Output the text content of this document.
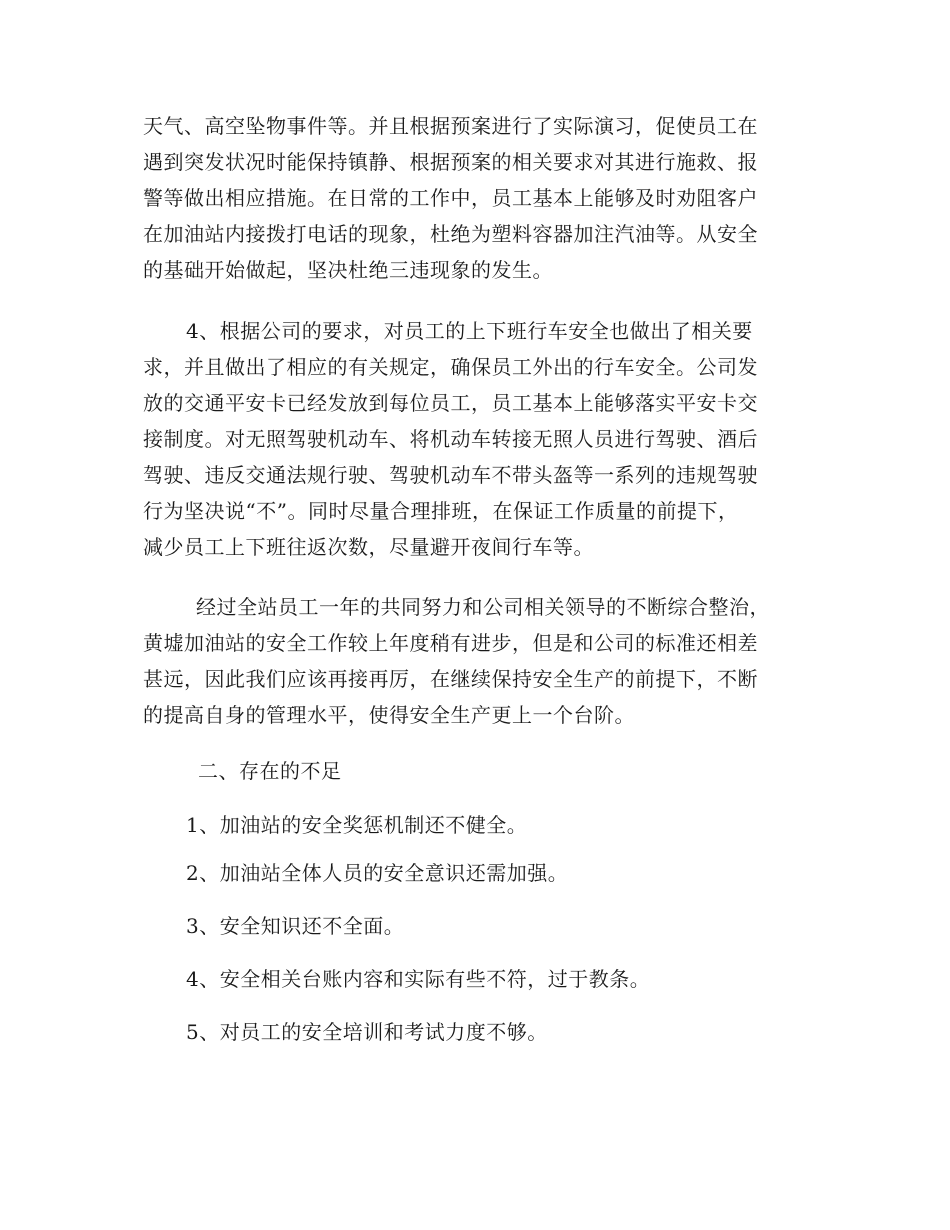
天气、高空坠物事件等。并且根据预案进行了实际演习，促使员工在
遇到突发状况时能保持镇静、根据预案的相关要求对其进行施救、报
警等做出相应措施。在日常的工作中，员工基本上能够及时劝阻客户
在加油站内接拨打电话的现象，杜绝为塑料容器加注汽油等。从安全
的基础开始做起，坚决杜绝三违现象的发生。
4、根据公司的要求，对员工的上下班行车安全也做出了相关要
求，并且做出了相应的有关规定，确保员工外出的行车安全。公司发
放的交通平安卡已经发放到每位员工，员工基本上能够落实平安卡交
接制度。对无照驾驶机动车、将机动车转接无照人员进行驾驶、酒后
驾驶、违反交通法规行驶、驾驶机动车不带头盔等一系列的违规驾驶
行为坚决说“不”。同时尽量合理排班，在保证工作质量的前提下，
减少员工上下班往返次数，尽量避开夜间行车等。
经过全站员工一年的共同努力和公司相关领导的不断综合整治，
黄墟加油站的安全工作较上年度稍有进步，但是和公司的标准还相差
甚远，因此我们应该再接再厉，在继续保持安全生产的前提下，不断
的提高自身的管理水平，使得安全生产更上一个台阶。
二、存在的不足
1、加油站的安全奖惩机制还不健全。
2、加油站全体人员的安全意识还需加强。
3、安全知识还不全面。
4、安全相关台账内容和实际有些不符，过于教条。
5、对员工的安全培训和考试力度不够。
